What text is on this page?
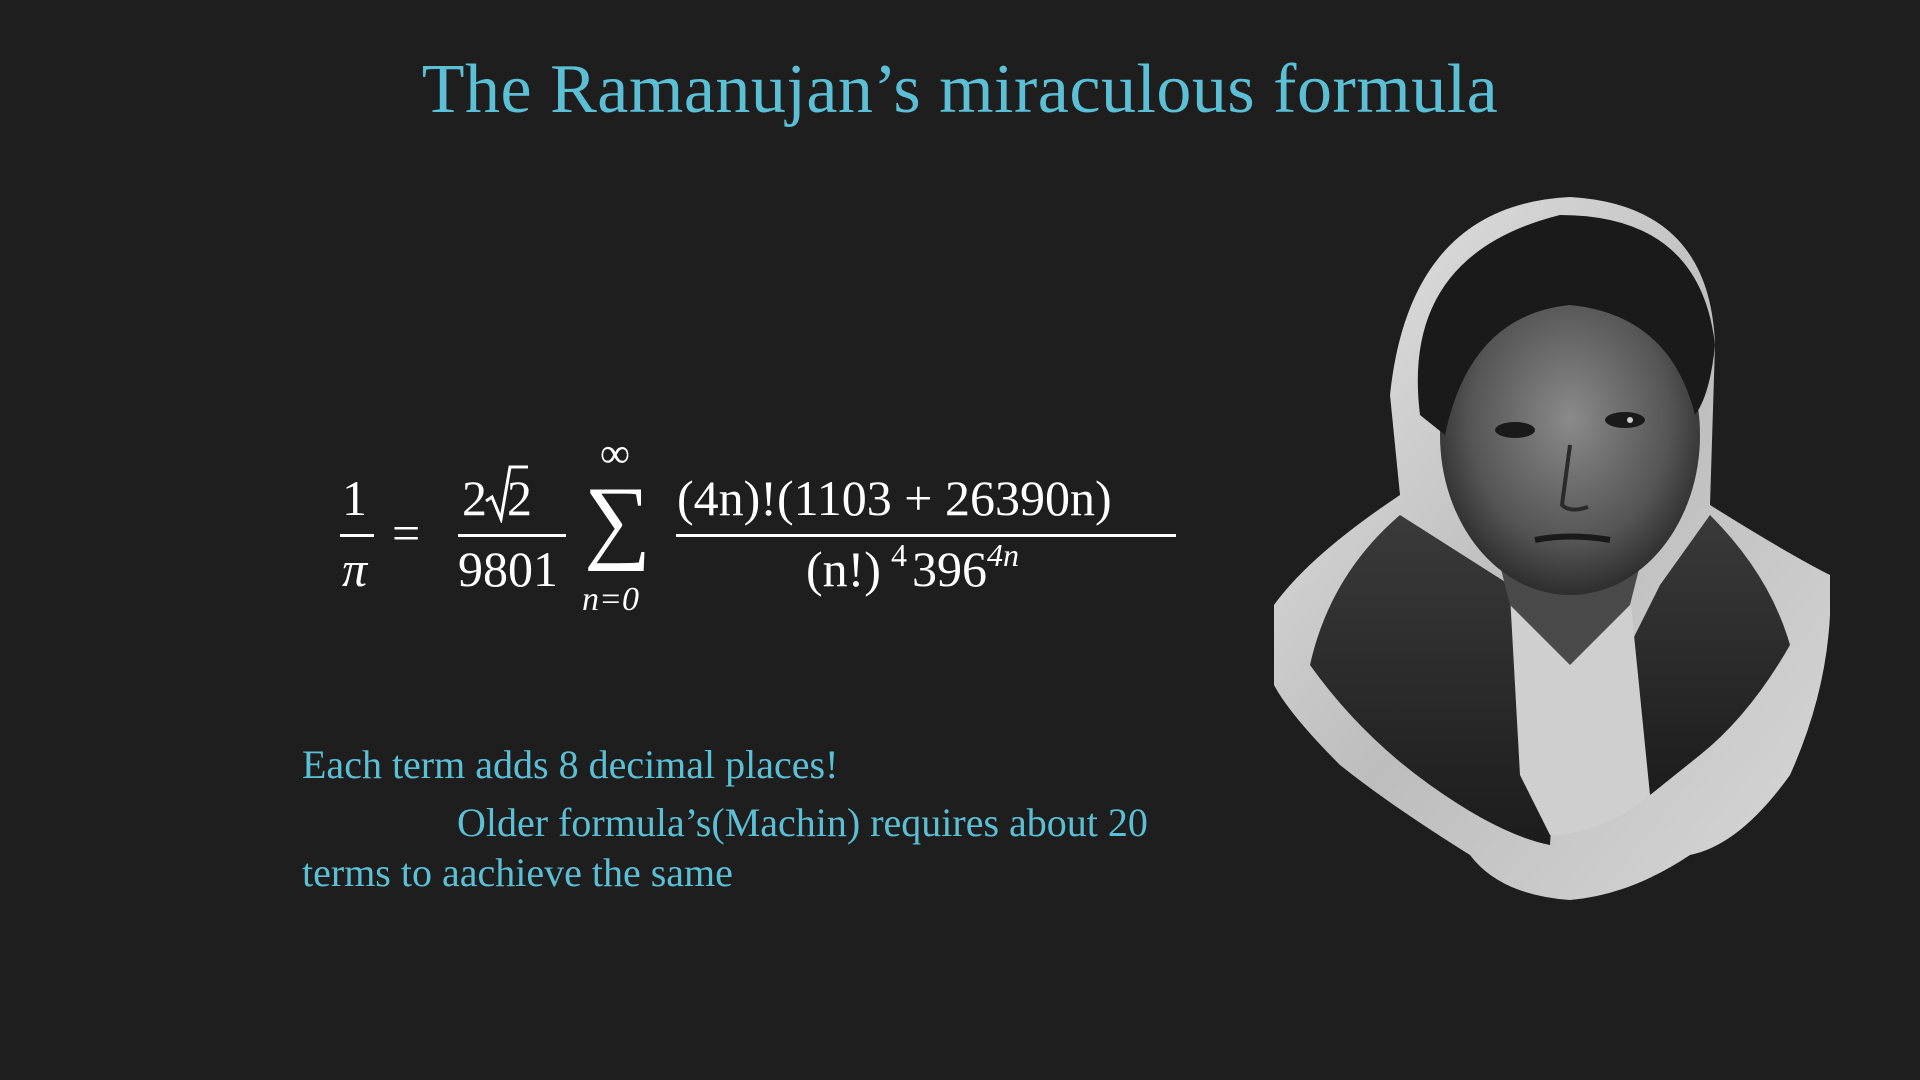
The Ramanujan’s miraculous formula
1
π
=
2 2
9801
∞
∑
n=0
(4n)!(1103 + 26390n)
(n!) 4 396 4n
Each term adds 8 decimal places!
Older formula’s(Machin) requires about 20
terms to aachieve the same
